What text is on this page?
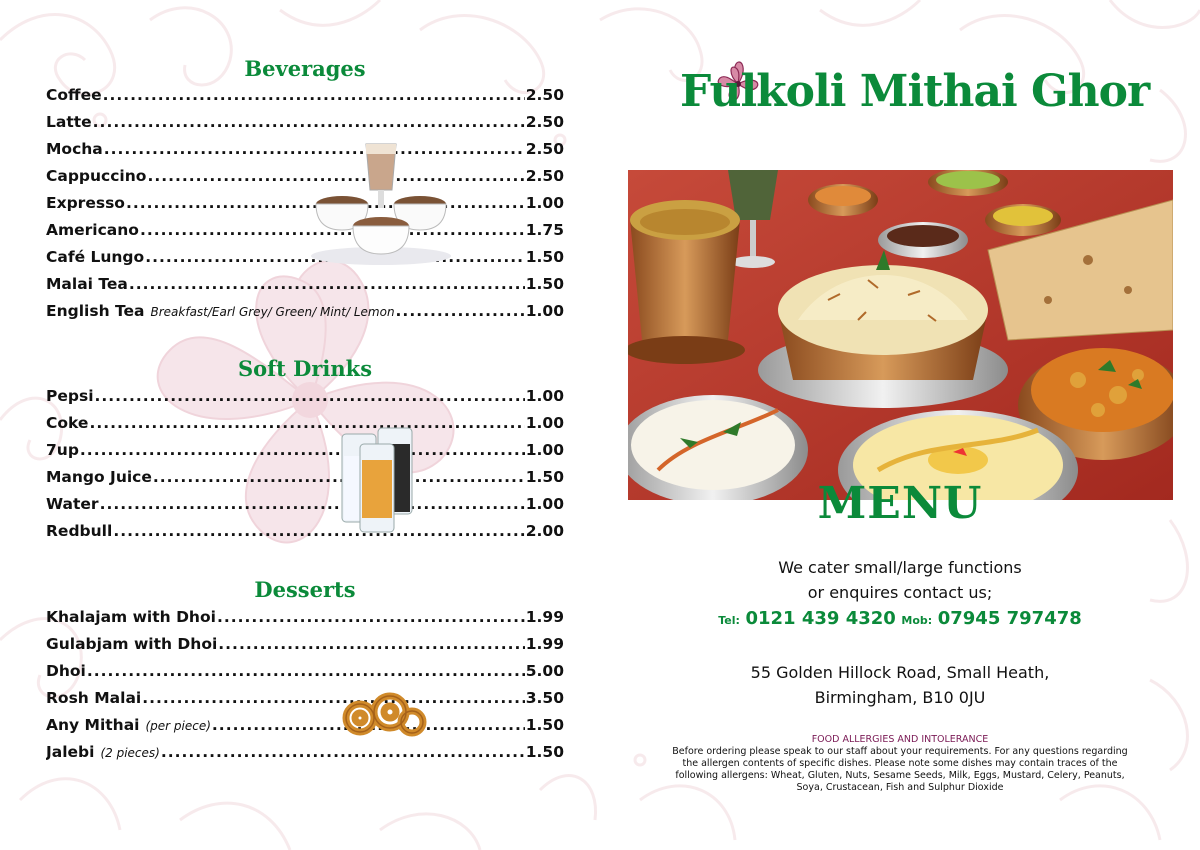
Beverages
Coffee .....	2.50
Latte .....	2.50
Mocha .....	2.50
Cappuccino .....	2.50
Expresso .....	1.00
Americano .....	1.75
Café Lungo .....	1.50
Malai Tea .....	1.50
English Tea Breakfast/Earl Grey/ Green/ Mint/ Lemon .....	1.00
Soft Drinks
Pepsi .....	1.00
Coke .....	1.00
7up .....	1.00
Mango Juice .....	1.50
Water .....	1.00
Redbull .....	2.00
Desserts
Khalajam with Dhoi .....	1.99
Gulabjam with Dhoi .....	1.99
Dhoi .....	5.00
Rosh Malai .....	3.50
Any Mithai (per piece) .....	1.50
Jalebi (2 pieces) .....	1.50
Fulkoli Mithai Ghor
MENU
We cater small/large functions
or enquires contact us;
Tel: 0121 439 4320 Mob: 07945 797478
55 Golden Hillock Road, Small Heath,
Birmingham, B10 0JU
FOOD ALLERGIES AND INTOLERANCE
Before ordering please speak to our staff about your requirements. For any questions regarding the allergen contents of specific dishes. Please note some dishes may contain traces of the following allergens: Wheat, Gluten, Nuts, Sesame Seeds, Milk, Eggs, Mustard, Celery, Peanuts, Soya, Crustacean, Fish and Sulphur Dioxide
